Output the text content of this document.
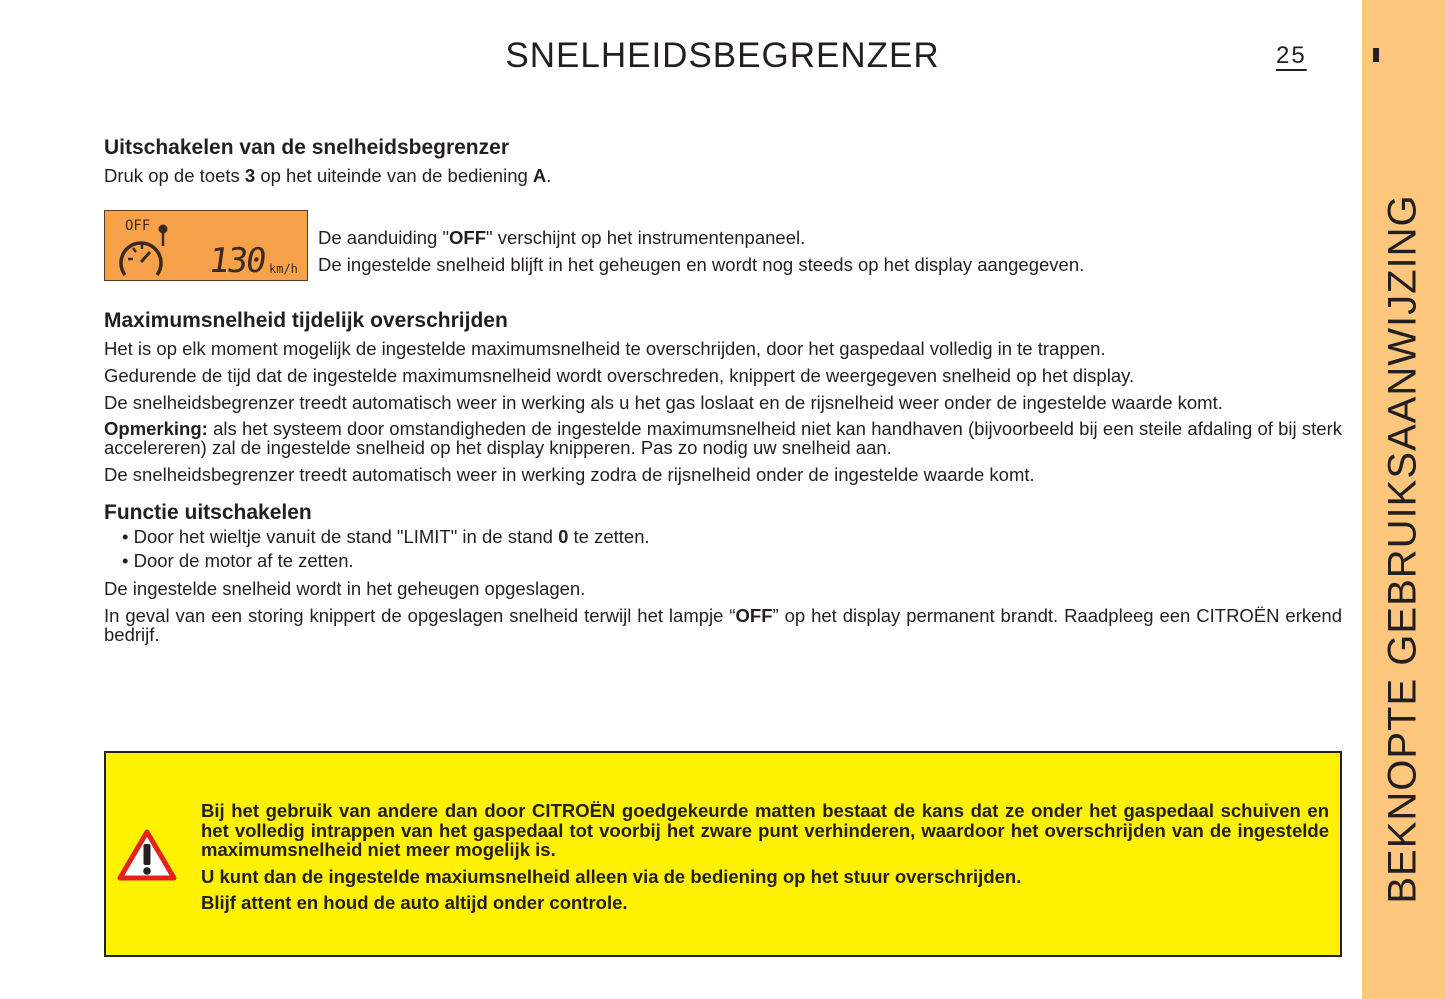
SNELHEIDSBEGRENZER	25
BEKNOPTE GEBRUIKSAANWIJZING
Uitschakelen van de snelheidsbegrenzer

Druk op de toets 3 op het uiteinde van de bediening A.

OFF
130 km/h
De aanduiding "OFF" verschijnt op het instrumentenpaneel.
De ingestelde snelheid blijft in het geheugen en wordt nog steeds op het display aangegeven.
Maximumsnelheid tijdelijk overschrijden

Het is op elk moment mogelijk de ingestelde maximumsnelheid te overschrijden, door het gaspedaal volledig in te trappen.

Gedurende de tijd dat de ingestelde maximumsnelheid wordt overschreden, knippert de weergegeven snelheid op het display.

De snelheidsbegrenzer treedt automatisch weer in werking als u het gas loslaat en de rijsnelheid weer onder de ingestelde waarde komt.

Opmerking: als het systeem door omstandigheden de ingestelde maximumsnelheid niet kan handhaven (bijvoorbeeld bij een steile afdaling of bij sterk accelereren) zal de ingestelde snelheid op het display knipperen. Pas zo nodig uw snelheid aan.

De snelheidsbegrenzer treedt automatisch weer in werking zodra de rijsnelheid onder de ingestelde waarde komt.

Functie uitschakelen
• Door het wieltje vanuit de stand "LIMIT" in de stand 0 te zetten.
• Door de motor af te zetten.

De ingestelde snelheid wordt in het geheugen opgeslagen.

In geval van een storing knippert de opgeslagen snelheid terwijl het lampje “OFF” op het display permanent brandt. Raadpleeg een CITROËN erkend bedrijf.

Bij het gebruik van andere dan door CITROËN goedgekeurde matten bestaat de kans dat ze onder het gaspedaal schuiven en het volledig intrappen van het gaspedaal tot voorbij het zware punt verhinderen, waardoor het overschrijden van de ingestelde maximumsnelheid niet meer mogelijk is.

U kunt dan de ingestelde maxiumsnelheid alleen via de bediening op het stuur overschrijden.

Blijf attent en houd de auto altijd onder controle.
